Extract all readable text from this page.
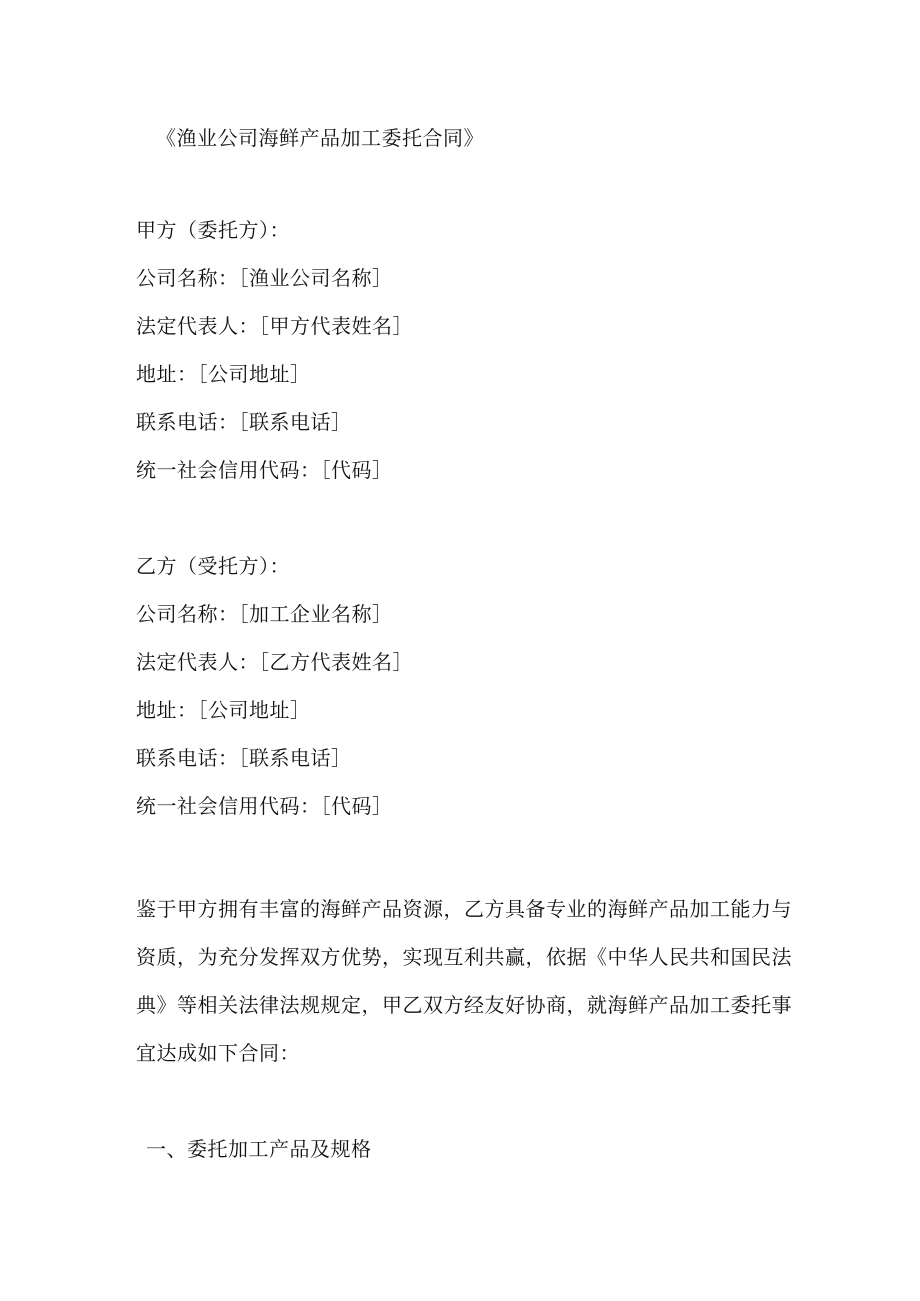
《渔业公司海鲜产品加工委托合同》
甲方（委托方）：
公司名称：［渔业公司名称］
法定代表人：［甲方代表姓名］
地址：［公司地址］
联系电话：［联系电话］
统一社会信用代码：［代码］
乙方（受托方）：
公司名称：［加工企业名称］
法定代表人：［乙方代表姓名］
地址：［公司地址］
联系电话：［联系电话］
统一社会信用代码：［代码］
鉴于甲方拥有丰富的海鲜产品资源，乙方具备专业的海鲜产品加工能力与
资质，为充分发挥双方优势，实现互利共赢，依据《中华人民共和国民法
典》等相关法律法规规定，甲乙双方经友好协商，就海鲜产品加工委托事
宜达成如下合同：
一、委托加工产品及规格
